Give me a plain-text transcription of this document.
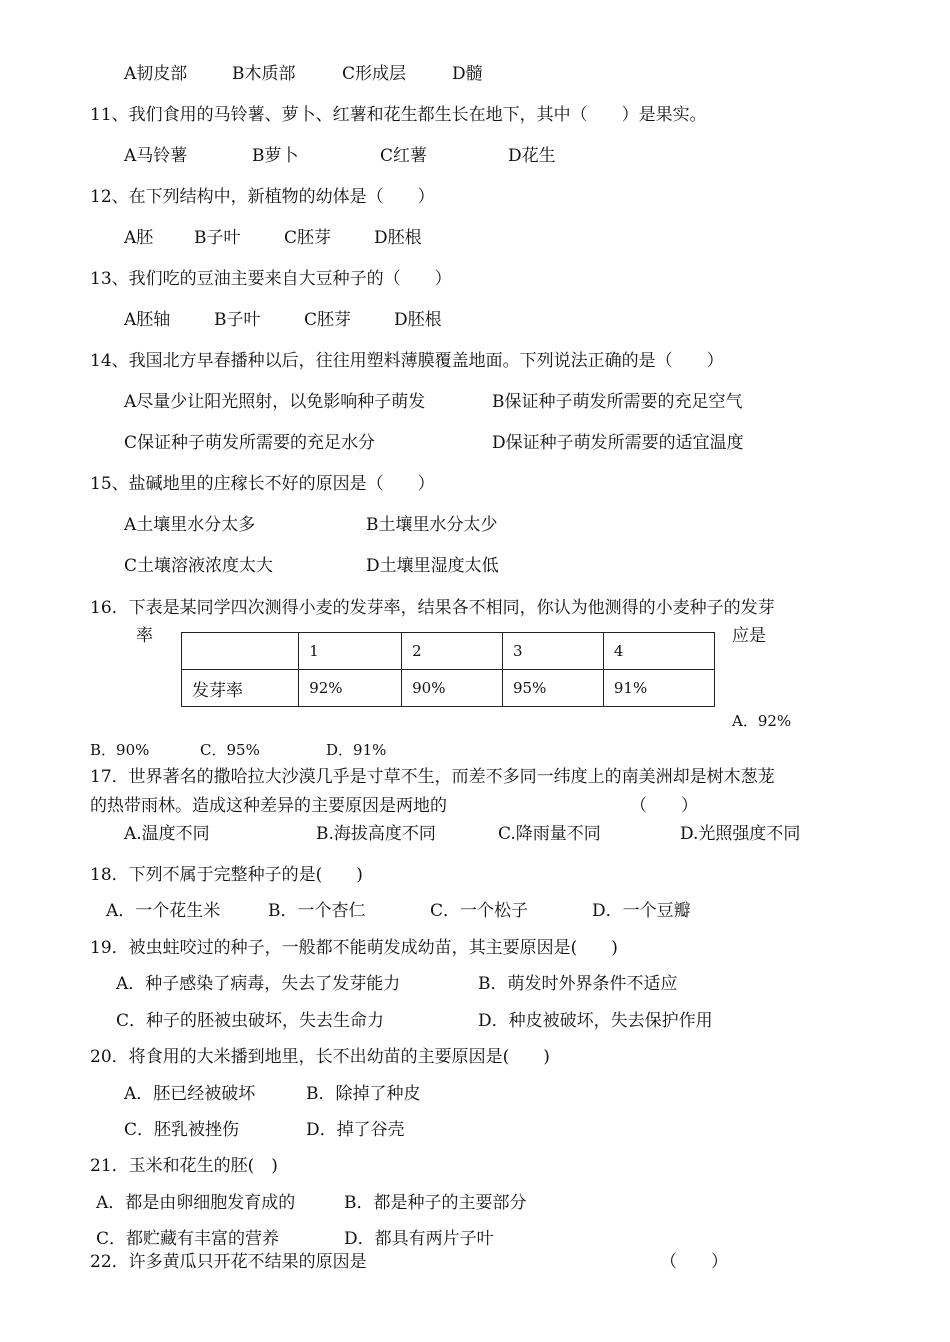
A韧皮部	B木质部	C形成层	D髓
11、我们食用的马铃薯、萝卜、红薯和花生都生长在地下，其中（　　）是果实。
A马铃薯	B萝卜	C红薯	D花生
12、在下列结构中，新植物的幼体是（　　）
A胚 B子叶	C胚芽	D胚根
13、我们吃的豆油主要来自大豆种子的（　　）
A胚轴	B子叶	C胚芽	D胚根
14、我国北方早春播种以后，往往用塑料薄膜覆盖地面。下列说法正确的是（　　）
A尽量少让阳光照射，以免影响种子萌发	B保证种子萌发所需要的充足空气
C保证种子萌发所需要的充足水分	D保证种子萌发所需要的适宜温度
15、盐碱地里的庄稼长不好的原因是（　　）
A土壤里水分太多	B土壤里水分太少
C土壤溶液浓度太大	D土壤里湿度太低
16．下表是某同学四次测得小麦的发芽率，结果各不相同，你认为他测得的小麦种子的发芽
率	应是
	1	2	3	4
发芽率	92%	90%	95%	91%
A．92%
B．90%	C．95%	D．91%
17．世界著名的撒哈拉大沙漠几乎是寸草不生，而差不多同一纬度上的南美洲却是树木葱茏
的热带雨林。造成这种差异的主要原因是两地的	（　　）
A.温度不同	B.海拔高度不同	C.降雨量不同	D.光照强度不同
18．下列不属于完整种子的是(　　)
A．一个花生米	B．一个杏仁	C．一个松子	D．一个豆瓣
19．被虫蛀咬过的种子，一般都不能萌发成幼苗，其主要原因是(　　)
A．种子感染了病毒，失去了发芽能力	B．萌发时外界条件不适应
C．种子的胚被虫破坏，失去生命力	D．种皮被破坏，失去保护作用
20．将食用的大米播到地里，长不出幼苗的主要原因是(　　)
A．胚已经被破坏	B．除掉了种皮
C．胚乳被挫伤	D．掉了谷壳
21．玉米和花生的胚(　)
A．都是由卵细胞发育成的	B．都是种子的主要部分
C．都贮藏有丰富的营养	D．都具有两片子叶
22．许多黄瓜只开花不结果的原因是	（　　）
